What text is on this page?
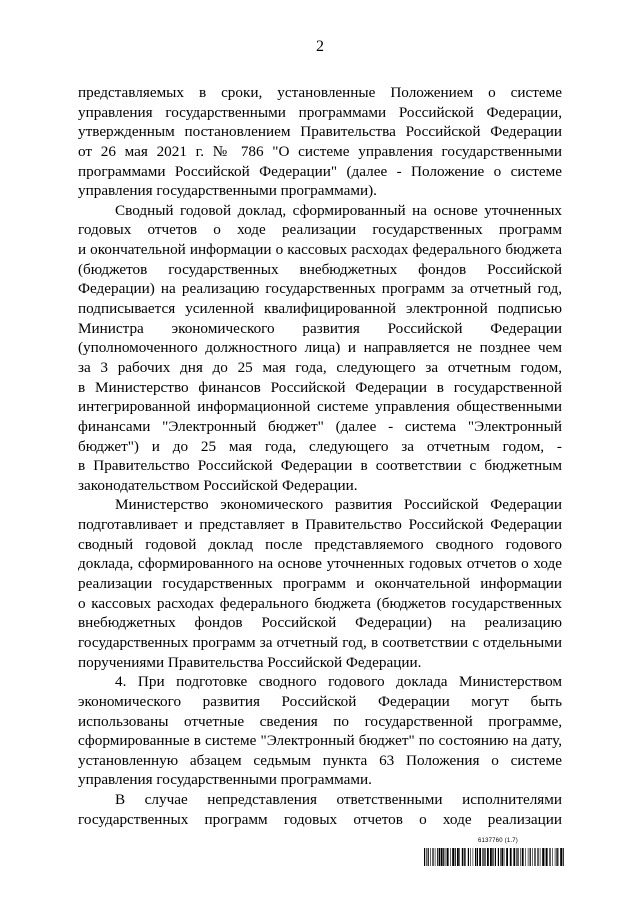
2
представляемых в сроки, установленные Положением о системе
управления государственными программами Российской Федерации,
утвержденным постановлением Правительства Российской Федерации
от 26 мая 2021 г. № 786 "О системе управления государственными
программами Российской Федерации" (далее - Положение о системе
управления государственными программами).
Сводный годовой доклад, сформированный на основе уточненных
годовых отчетов о ходе реализации государственных программ
и окончательной информации о кассовых расходах федерального бюджета
(бюджетов государственных внебюджетных фондов Российской
Федерации) на реализацию государственных программ за отчетный год,
подписывается усиленной квалифицированной электронной подписью
Министра экономического развития Российской Федерации
(уполномоченного должностного лица) и направляется не позднее чем
за 3 рабочих дня до 25 мая года, следующего за отчетным годом,
в Министерство финансов Российской Федерации в государственной
интегрированной информационной системе управления общественными
финансами "Электронный бюджет" (далее - система "Электронный
бюджет") и до 25 мая года, следующего за отчетным годом, -
в Правительство Российской Федерации в соответствии с бюджетным
законодательством Российской Федерации.
Министерство экономического развития Российской Федерации
подготавливает и представляет в Правительство Российской Федерации
сводный годовой доклад после представляемого сводного годового
доклада, сформированного на основе уточненных годовых отчетов о ходе
реализации государственных программ и окончательной информации
о кассовых расходах федерального бюджета (бюджетов государственных
внебюджетных фондов Российской Федерации) на реализацию
государственных программ за отчетный год, в соответствии с отдельными
поручениями Правительства Российской Федерации.
4. При подготовке сводного годового доклада Министерством
экономического развития Российской Федерации могут быть
использованы отчетные сведения по государственной программе,
сформированные в системе "Электронный бюджет" по состоянию на дату,
установленную абзацем седьмым пункта 63 Положения о системе
управления государственными программами.
В случае непредставления ответственными исполнителями
государственных программ годовых отчетов о ходе реализации
6137760 (1.7)
